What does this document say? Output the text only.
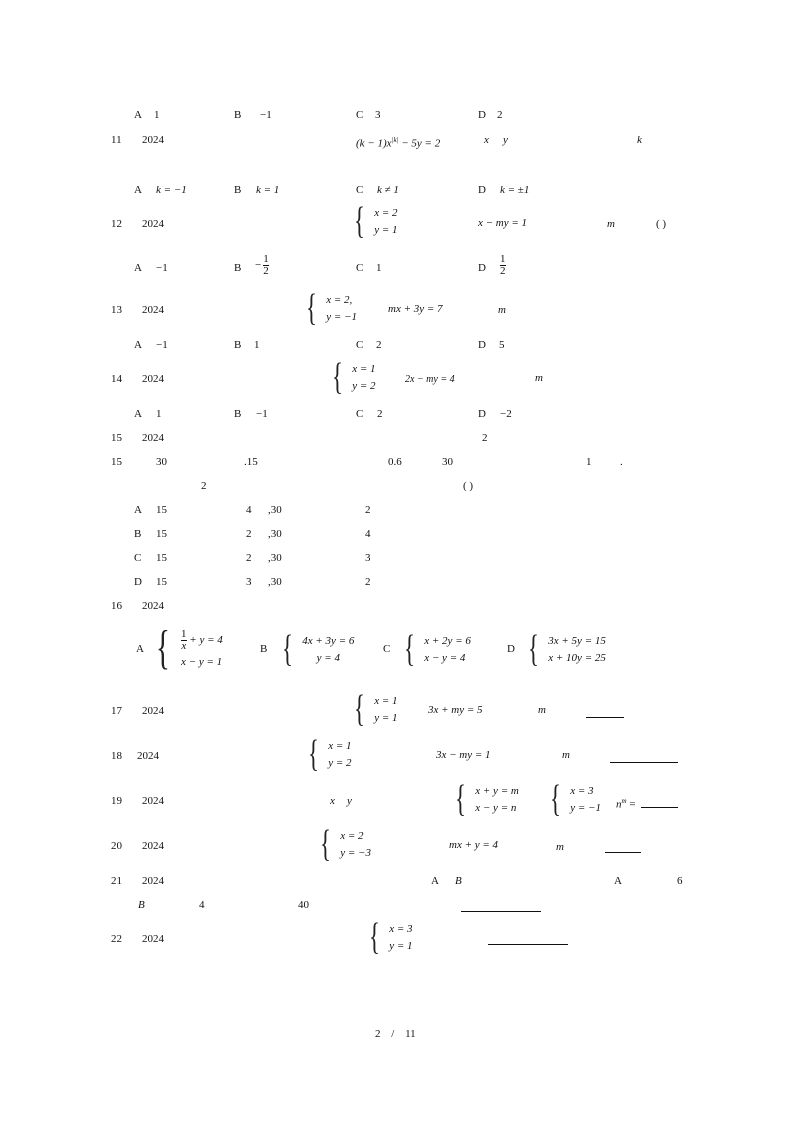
A 1	B −1	C 3	D 2
11 2024	$(k - 1)x^{|k|} - 5y = 2$	x y	k
A k = −1	B k = 1	C k ≠ 1	D k = ±1
12 2024	{ x = 2
y = 1
x − my = 1	m	( )
A −1	$B - \frac{1}{2}$	C 1	D $\frac{1}{2}$
13 2024	{ x = 2,
y = −1
mx + 3y = 7	m
A −1	B 1	C 2	D 5
14 2024	{ x = 1
y = 2	2x − my = 4	m
A 1	B −1	C 2	D −2
15 2024	2
15	30	.15	0.6	30	1	.
2	( )
A 15	4 ,30	2
B 15	2 ,30	4
C 15	2 ,30	3
D 15	3 ,30	2
16 2024
A { $\frac{1}{x} + y = 4$
x − y = 1
B { 4x + 3y = 6
y = 4
C { x + 2y = 6
x − y = 4
D { 3x + 5y = 15
x + 10y = 25
17 2024	{ x = 1
y = 1
3x + my = 5	m
18 2024	{ x = 1
y = 2
3x − my = 1	m
19 2024	x y	{ x + y = m
x − y = n { x = 3
y = −1 $n^m$ =
20 2024	{ x = 2
y = −3
mx + y = 4	m
21 2024	A B	A	6
B	4	40
22 2024	{ x = 3
y = 1
2 / 11
